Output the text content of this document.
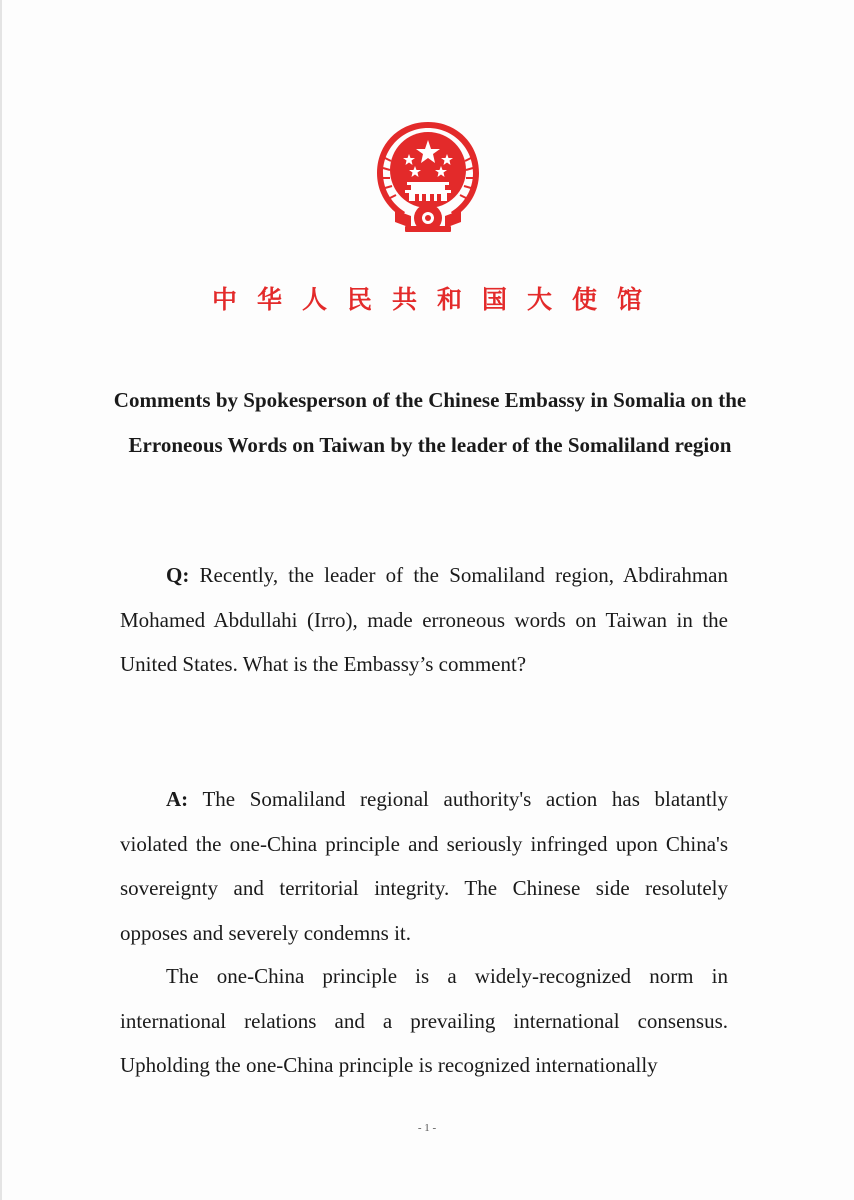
中华人民共和国大使馆
Comments by Spokesperson of the Chinese Embassy in Somalia on the Erroneous Words on Taiwan by the leader of the Somaliland region
Q: Recently, the leader of the Somaliland region, Abdirahman Mohamed Abdullahi (Irro), made erroneous words on Taiwan in the United States. What is the Embassy’s comment?
A: The Somaliland regional authority's action has blatantly violated the one-China principle and seriously infringed upon China's sovereignty and territorial integrity. The Chinese side resolutely opposes and severely condemns it.
The one-China principle is a widely-recognized norm in international relations and a prevailing international consensus. Upholding the one-China principle is recognized internationally
- 1 -
